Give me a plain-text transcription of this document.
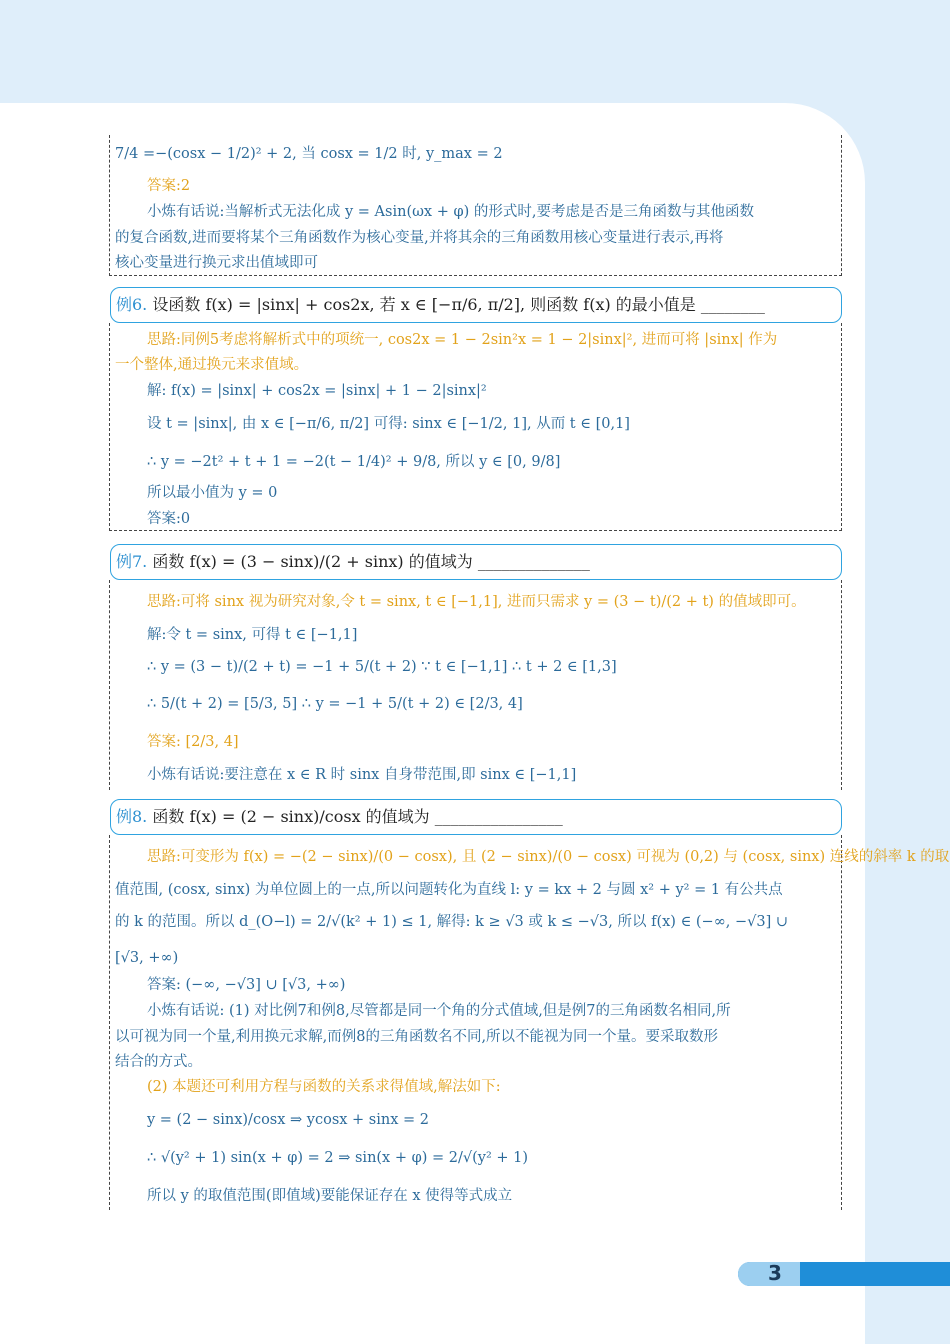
7/4 =−(cosx − 1/2)² + 2, 当 cosx = 1/2 时, y_max = 2
答案:2
小炼有话说:当解析式无法化成 y = Asin(ωx + φ) 的形式时,要考虑是否是三角函数与其他函数
的复合函数,进而要将某个三角函数作为核心变量,并将其余的三角函数用核心变量进行表示,再将
核心变量进行换元求出值域即可
例6. 设函数 f(x) = |sinx| + cos2x, 若 x ∈ [−π/6, π/2], 则函数 f(x) 的最小值是 ________
思路:同例5考虑将解析式中的项统一, cos2x = 1 − 2sin²x = 1 − 2|sinx|², 进而可将 |sinx| 作为
一个整体,通过换元来求值域。
解: f(x) = |sinx| + cos2x = |sinx| + 1 − 2|sinx|²
设 t = |sinx|, 由 x ∈ [−π/6, π/2] 可得: sinx ∈ [−1/2, 1], 从而 t ∈ [0,1]
∴ y = −2t² + t + 1 = −2(t − 1/4)² + 9/8, 所以 y ∈ [0, 9/8]
所以最小值为 y = 0
答案:0
例7. 函数 f(x) = (3 − sinx)/(2 + sinx) 的值域为 ______________
思路:可将 sinx 视为研究对象,令 t = sinx, t ∈ [−1,1], 进而只需求 y = (3 − t)/(2 + t) 的值域即可。
解:令 t = sinx, 可得 t ∈ [−1,1]
∴ y = (3 − t)/(2 + t) = −1 + 5/(t + 2) ∵ t ∈ [−1,1] ∴ t + 2 ∈ [1,3]
∴ 5/(t + 2) = [5/3, 5] ∴ y = −1 + 5/(t + 2) ∈ [2/3, 4]
答案: [2/3, 4]
小炼有话说:要注意在 x ∈ R 时 sinx 自身带范围,即 sinx ∈ [−1,1]
例8. 函数 f(x) = (2 − sinx)/cosx 的值域为 ________________
思路:可变形为 f(x) = −(2 − sinx)/(0 − cosx), 且 (2 − sinx)/(0 − cosx) 可视为 (0,2) 与 (cosx, sinx) 连线的斜率 k 的取
值范围, (cosx, sinx) 为单位圆上的一点,所以问题转化为直线 l: y = kx + 2 与圆 x² + y² = 1 有公共点
的 k 的范围。所以 d_(O−l) = 2/√(k² + 1) ≤ 1, 解得: k ≥ √3 或 k ≤ −√3, 所以 f(x) ∈ (−∞, −√3] ∪
[√3, +∞)
答案: (−∞, −√3] ∪ [√3, +∞)
小炼有话说: (1) 对比例7和例8,尽管都是同一个角的分式值域,但是例7的三角函数名相同,所
以可视为同一个量,利用换元求解,而例8的三角函数名不同,所以不能视为同一个量。要采取数形
结合的方式。
(2) 本题还可利用方程与函数的关系求得值域,解法如下:
y = (2 − sinx)/cosx ⇒ ycosx + sinx = 2
∴ √(y² + 1) sin(x + φ) = 2 ⇒ sin(x + φ) = 2/√(y² + 1)
所以 y 的取值范围(即值域)要能保证存在 x 使得等式成立
3
